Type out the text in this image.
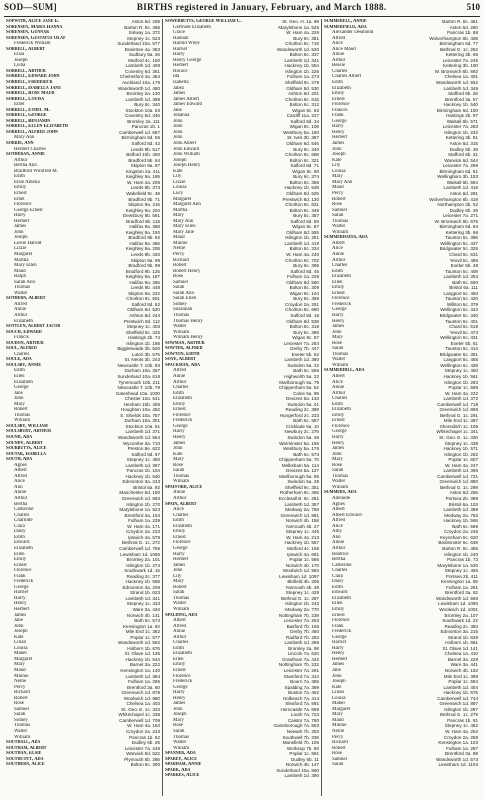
SOD—SUM]	BIRTHS registered in January, February, and March 1888.	510
Sopwith, Alice Jane E.	Aston 6d. 209
Sorensen, Maria Hanna	Barton R. 8c. 466
Sorensen, Gunnar	Solway 1a. 372
Sorensen, Gustavus Olaf	Stepney 1c. 523
Frederick William	Sunderland 10a. 577
Sorrell, Albert	Braintree 4a. 363
Eliza	Sudbury 8a. 26
Joseph	Mutford 4c. 160
Lydia	Lambeth 1d. 408
Sorrell, Arthur	Coventry 6d. 361
Sorrell, Edward John	Chelmsford 4a. 354
Sorrell, Frederick	Auckland 10a. 179
Sorrell, Isabella Jane	Wandsworth 1d. 480
Sorrell, Rose Maud	Bromley 2a. 130
Sorrell, Louisa	Lambeth 1d. 389
Ethel	Bury 8c. 340
Sorrell, Ethel M.	Stockton 10a. 63
Sorrell, George	Coventry 6d. 346
Sorrell, Benjamin	Bromley 2a. 111
Sorrell, Ellen Elizabeth	Pancras 1b. 1
Sorrell, Alfred John	Camberwell 1d. 667
Mary Ann	Birmingham 6d. 56
Sorrie, Ann	Salford 8d. 42
Herbert Charles	Leeds 9b. 517
Sotheran, Annie	Belford 10b. 400
Arthur	Bradford 9b. 64
Bertha Ann	Skipton 9a. 87
Bradford Winifred M.	Kingston 2a. 411
Edith	Keighley 9a. 195
Elsie Amelia	W. Ham 4a. 206
Emily	Leeds 9b. 373
Ernest	Wakefield 9c. 49
Ethel	Bradford 9b. 71
Florence	Skipton 9a. 216
George Ernest	Keighley 9a. 204
Harry	Dewsbury 9b. 591
Herbert	Bradford 9b. 119
James	Halifax 9a. 358
John	Keighley 9a. 193
Joseph	Bradford 9b. 92
Leslie Harold	Halifax 9a. 366
Lizzie	Keighley 9a. 208
Margaret	Leeds 9b. 430
Martha	Skipton 9a. 99
Mary Ellen	Bradford 9b. 99
Maud	Bradford 9b. 125
Ralph	Keighley 9a. 187
Sarah Ann	Halifax 9a. 365
Thomas	Leeds 9b. 448
Walter	Skipton 9a. 222
Sothern, Albert	Chorlton 8c. 601
Alfred	Salford 8d. 62
Annie	Oldham 8d. 520
Arthur	Ashton 8d. 244
Elizabeth	Prestwich 8d. 112
Sottlen, Albert Jacob	Stepney 1c. 403
Souch, Edward	Sheffield 9c. 325
Francis	Hastings 2b. 74
Soudon, Arthur	Islington 1b. 195
Soul, Alfred	Biggleswade 3b. 520
Charles	Luton 3b. 575
Soule, Ada	St. Neots 3b. 243
Soulsby, Annie	Newcastle T. 10b. 93
Edith	Durham 10a. 367
Ellen	Sunderland 10a. 618
Elizabeth	Tynemouth 10b. 211
George	Newcastle T. 10b. 79
Jane	Gateshead 10a. 1030
John	Chester 10a. 541
Mary	Hexham 10b. 405
Robert	Houghton 10a. 452
Thomas	S. Shields 10a. 757
William	Durham 10a. 301
Soulsby, William	Stockton 10a. 51
Soulsbury, Arthur	Lambeth 1d. 371
Sound, Ada	Wandsworth 1d. 554
Soundy, Albert	Wycombe 3a. 710
Sourbutts, Alice	Preston 8e. 622
Soutar, Isabella	Salford 8d. 67
South, Ada	Stepney 1c. 460
Agnes	Lambeth 1d. 367
Albert	Pancras 1b. 104
Alfred	Hackney 1b. 540
Alice	Edmonton 3a. 243
Ann	Bristol 6a. 92
Annie	Manchester 8d. 180
Arthur	Greenwich 1d. 893
Bertha	Islington 1b. 270
Catherine	Marylebone 1a. 523
Charles	Brentford 3a. 104
Charlotte	Fulham 1a. 239
Clara	W. Ham 4a. 171
Daisy	Croydon 2a. 233
Edith	Ipswich 4a. 678
Edward	Bethnal G. 1c. 272
Elizabeth	Camberwell 1d. 756
Ellen	Lewisham 1d. 1085
Emily	Bromley 2a. 101
Ernest	Islington 1b. 274
Florence	Southwark 1d. 15
Frank	Reading 2c. 377
Frederick	Hackney 1b. 568
George	Edmonton 3a. 209
Harriet	Strand 1b. 623
Harry	Lambeth 1d. 341
Henry	Stepney 1c. 433
Herbert	Ware 3a. 434
James	Norwich 4b. 141
Jane	Bath 5c. 573
John	Kensington 1a. 82
Joseph	Mile End 1c. 382
Kate	Poplar 1c. 577
Lilian	Wandsworth 1d. 562
Louisa	Holborn 1b. 676
Mabel	St. Olave 1d. 135
Margaret	Hackney 1b. 544
Mary	Barnet 3a. 222
Maud	Kensington 1a. 140
Minnie	Lambeth 1d. 384
Nellie	Fulham 1a. 265
Percy	Brentford 3a. 60
Richard	Greenwich 1d. 878
Robert	Woolwich 1d. 980
Rose	Chelsea 1a. 403
Samuel	St. Geo. E. 1c. 323
Sarah	Whitechapel 1c. 338
Sidney	Camberwell 1d. 709
Thomas	W. Ham 4a. 184
Walter	Croydon 2a. 243
William	Pancras 1b. 62
Southall, Ada	Dudley 6b. 25
Southam, Albert	Leicester 7a. 248
Southan, Elsie	Warwick 6d. 522
Southcott, Ada	Plymouth 5b. 266
Southern, Alice	Bolton 8c. 300
Sowerbutts, George William C.	St. Geo. H. 1a. 99
Gertrude Elizabeth	Marylebone 1a. 525
Grace	W. Ham 4a. 229
Hannah	Bury 8c. 381
Harold Wiley	Chorlton 8c. 719
Harriet	Wandsworth 1d. 530
Harry	Bolton 8c. 337
Henry George	Lambeth 1d. 341
Herbert	Hackney 1b. 554
Horace	Islington 1b. 226
Ida	Fulham 1a. 273
Isabella	Sheffield 9c. 379
Jabez	Oldham 8d. 530
James	Ashton 8d. 201
James Albert	Chorlton 8c. 615
James Edward	Bolton 8c. 312
Jane	Wigan 8c. 83
Johanna	Cardiff 11a. 227
John	Salford 8d. 34
John	Wigan 8c. 106
John	Westbury 5a. 180
John	St. Ives 3b. 387
John Albert	Oldham 8d. 546
John Edward	Bury 8c. 340
John William	Chorlton 8c. 688
Joseph	Bolton 8c. 321
Joseph Henry	Salford 8d. 71
Kate	Wigan 8c. 90
Lily	Bury 8c. 374
Lizzie	Bolton 8c. 356
Louisa	Hackney 1b. 548
Lucy	Oldham 8d. 525
Margaret	Prestwich 8d. 130
Margaret Ann	Chorlton 8c. 631
Martha	Bolton 8c. 349
Mary	Bury 8c. 357
Mary Ann	Salford 8d. 50
Mary Ellen	Wigan 8c. 87
Mary Jane	Oldham 8d. 555
Maud	Islington 1b. 251
Minnie	Lambeth 1d. 419
Nellie	Bolton 8c. 334
Percy	W. Ham 4a. 240
Richard	Chorlton 8c. 702
Robert	Bury 8c. 395
Robert Henry	Salford 8d. 45
Rose	Fulham 1a. 229
Samuel	Oldham 8d. 560
Sarah	Bolton 8c. 309
Sarah Ann	Wigan 8c. 104
Sarah Ellen	Bury 8c. 369
Sidney	Croydon 2a. 251
Susannah	Chorlton 8c. 660
Thomas	Salford 8d. 18
Thomas Henry	Oldham 8d. 538
Walter	Bolton 8c. 318
William	Bury 8c. 386
William Henry	Wigan 8c. 97
Sowman, Arthur	Leicester 7a. 284
Sowter, Alfred	Derby 7b. 447
Sowton, Edith	Exeter 5b. 52
Soye, Albert	Lambeth 1d. 380
Spackman, Ada	Swindon 5a. 32
Alfred	Bath 5c. 555
Annie	Highworth 5a. 22
Arthur	Marlborough 5a. 79
Charles	Chippenham 5a. 62
Edith	Calne 5a. 98
Elizabeth	Devizes 5a. 133
Emily	Swindon 5a. 41
Ernest	Reading 2c. 389
Florence	Hungerford 2c. 233
Frederick	Bath 5c. 567
George	Cricklade 5a. 10
Harry	Newbury 2c. 276
Henry	Swindon 5a. 36
James	Warminster 5a. 155
John	Westbury 5a. 176
Kate	Bath 5c. 573
Mary	Chippenham 5a. 70
Rose	Melksham 5a. 114
Sarah	Devizes 5a. 127
Thomas	Marlborough 5a. 85
William	Swindon 5a. 28
Spafford, Alice	Sheffield 9c. 351
Annie	Rotherham 9c. 455
Arthur	Ecclesall B. 9c. 251
Spain, Albert	Lambeth 1d. 357
Alice	Medway 2a. 758
Charles	Greenwich 1d. 881
Edith	Norwich 4b. 158
Elizabeth	Yarmouth 4b. 27
Emily	Stepney 1c. 446
Ernest	W. Ham 4a. 213
Florence	Hackney 1b. 557
George	Mutford 4c. 168
Harry	Ipswich 4a. 691
Herbert	Poplar 1c. 586
James	Norwich 4b. 170
John	Woolwich 1d. 993
Lily	Lewisham 1d. 1097
Mary	Blofield 4b. 206
Robert	Yarmouth 4b. 39
Sarah	Stepney 1c. 428
Thomas	Bethnal G. 1c. 287
Walter	Islington 1b. 243
William	Medway 2a. 770
Spalding, Ada	Nottingham 7b. 239
Albert	Leicester 7a. 263
Alfred	Basford 7b. 166
Annie	Derby 7b. 460
Arthur	Radford 7b. 282
Charles	Lambeth 1d. 366
Edith	Bromley 2a. 98
Elizabeth	Lincoln 7a. 620
Ellen	Grantham 7a. 432
Emily	Nottingham 7b. 222
Ernest	Leicester 7a. 291
Florence	Stamford 7a. 314
Frederick	Bourn 7a. 355
George	Spalding 7a. 389
Harry	Boston 7a. 452
Henry	Holbeach 7a. 414
James	Sleaford 7a. 591
John	Horncastle 7a. 659
Joseph	Louth 7a. 723
Mary	Caistor 7a. 780
Rose	Gainsborough 7a. 803
Sarah	Newark 7b. 303
Thomas	Southwell 7b. 336
Walter	Mansfield 7b. 105
William	Worksop 7b. 60
Spanner, Ada	Poplar 1c. 591
Sparey, Alice	Dudley 6b. 11
Sparham, Annie	Norwich 4b. 147
Spark, Ada	Sunderland 10a. 590
Sparkes, Alice	Lambeth 1d. 390
Summerell, Annie	Barton R. 8c. 461
Summerfield, Ada	Aston 6d. 260
Alexander Desmond	Pancras 1b. 88
Alfred	Wolverhampton 6b. 408
Alice	Birmingham 6d. 77
Alice Maud	Bethnal G. 1c. 262
Annie	Kettering 3b. 68
Arthur	Leicester 7a. 245
Bessie	Kettering 3b. 100
Charles	W. Bromwich 6b. 692
Charles Albert	Chelsea 1a. 401
Edith	Wandsworth 1d. 552
Elizabeth	Lambeth 1d. 349
Emily	Stafford 6b. 26
Ernest	Brentford 3a. 57
Florence	Hackney 1b. 540
Frances	Birmingham 6d. 100
Frank	Hastings 2b. 97
George	Walsall 6b. 571
Harry	Leicester 7a. 283
Henry	Islington 1b. 232
Herbert	Kettering 3b. 81
James	Aston 6d. 315
John	Dudley 6b. 48
Joseph	Stafford 6b. 31
Kate	Warwick 6d. 544
Lily	Leicester 7a. 299
Louisa	Birmingham 6d. 61
Mary	Wellingboro 3b. 153
Mary Ann	Walsall 6b. 584
Maud	Lambeth 1d. 416
Percy	Aston 6d. 281
Robert	Wolverhampton 6b. 419
Rose	Northampton 3b. 52
Samuel	Dudley 6b. 29
Sarah	Leicester 7a. 271
Thomas	W. Bromwich 6b. 675
Walter	Birmingham 6d. 84
William	Kettering 3b. 66
Summerhayes, Ada	Taunton 5c. 395
Albert	Wellington 5c. 437
Alice	Bridgwater 5c. 329
Annie	Chard 5c. 531
Arthur	Yeovil 5c. 486
Charles	Exeter 5b. 48
Edith	Taunton 5c. 408
Elizabeth	Lambeth 1d. 353
Ellen	Bath 5c. 560
Emily	Bristol 6a. 111
Ernest	Langport 5c. 450
Florence	Taunton 5c. 420
Frederick	Williton 5c. 379
George	Wellington 5c. 443
Harry	Bridgwater 5c. 340
Henry	Taunton 5c. 401
James	Chard 5c. 519
John	Yeovil 5c. 473
Mary	Wellington 5c. 431
Rose	Exeter 5b. 61
Sarah	Taunton 5c. 414
Thomas	Bridgwater 5c. 351
Walter	Langport 5c. 455
William	Wellington 5c. 428
Summerhill, Ada	Stepney 1c. 450
Albert	Hackney 1b. 561
Alice	Islington 1b. 283
Annie	Poplar 1c. 599
Arthur	W. Ham 4a. 222
Charles	Lambeth 1d. 372
Edith	Camberwell 1d. 718
Elizabeth	Greenwich 1d. 869
Emily	Bethnal G. 1c. 291
Ernest	Mile End 1c. 397
Florence	Shoreditch 1c. 105
George	Whitechapel 1c. 341
Harry	St. Geo. E. 1c. 330
Henry	Stepney 1c. 439
James	Hackney 1b. 571
John	Islington 1b. 262
Mary	Poplar 1c. 607
Rose	W. Ham 4a. 247
Sarah	Lambeth 1d. 395
Thomas	Camberwell 1d. 731
Walter	Greenwich 1d. 890
William	Bethnal G. 1c. 299
Summers, Ada	Aston 6d. 255
Adelaide	Portsea 2b. 398
Agnes	Bristol 6a. 103
Albert	Lambeth 1d. 399
Albert Edward	Medway 2a. 763
Alfred	Hackney 1b. 566
Alice	Bath 5c. 569
Amy	Croydon 2a. 246
Ann	Keynsham 5c. 620
Annie	Bedminster 5c. 648
Arthur	Barton R. 8c. 455
Beatrice	Islington 1b. 240
Bertha	Pancras 1b. 73
Catherine	Marylebone 1a. 530
Charles	Stepney 1c. 456
Clara	Portsea 2b. 411
Daisy	Kensington 1a. 95
Edith	Fulham 1a. 281
Edward	Brentford 3a. 62
Elizabeth	Wandsworth 1d. 566
Ellen	Lewisham 1d. 1090
Emily	Woolwich 1d. 1001
Ernest	Bromley 2a. 107
Florence	Southwark 1d. 22
Frank	Reading 2c. 383
Frederick	Edmonton 3a. 216
George	Strand 1b. 629
Harriet	Holborn 1b. 681
Harry	St. Olave 1d. 141
Henry	Chelsea 1a. 410
Herbert	Barnet 3a. 229
James	Ware 3a. 441
Jane	Norwich 4b. 153
John	Mile End 1c. 389
Joseph	Poplar 1c. 584
Kate	Lambeth 1d. 404
Lilian	Hackney 1b. 575
Louisa	Camberwell 1d. 744
Mabel	Greenwich 1d. 897
Margaret	Islington 1b. 287
Mary	Bethnal G. 1c. 279
Maud	Pancras 1b. 91
Minnie	Stepney 1c. 462
Nellie	W. Ham 4a. 252
Percy	Croydon 2a. 258
Richard	Kensington 1a. 103
Robert	Fulham 1a. 287
Rose	Brentford 3a. 69
Samuel	Wandsworth 1d. 573
Sarah	Lewisham 1d. 1104
